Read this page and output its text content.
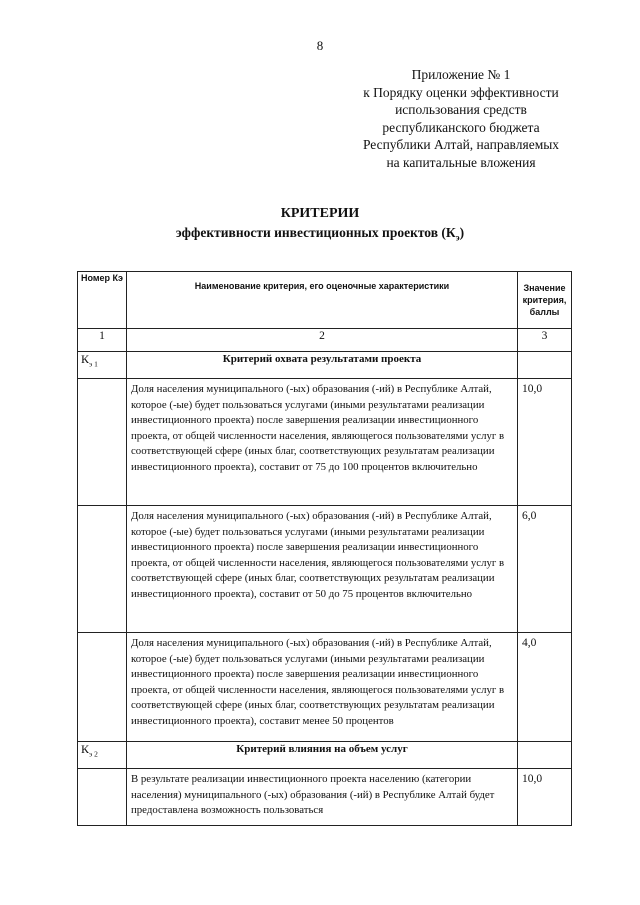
8
Приложение № 1
к Порядку оценки эффективности
использования средств
республиканского бюджета
Республики Алтай, направляемых
на капитальные вложения
КРИТЕРИИ
эффективности инвестиционных проектов $(К_э)$
Номер Кэ	Наименование критерия, его оценочные характеристики	Значение критерия, баллы
1	2	3
$К_{э 1}$	Критерий охвата результатами проекта	
	Доля населения муниципального (-ых) образования (-ий) в Республике Алтай, которое (-ые) будет пользоваться услугами (иными результатами реализации инвестиционного проекта) после завершения реализации инвестиционного проекта, от общей численности населения, являющегося пользователями услуг в соответствующей сфере (иных благ, соответствующих результатам реализации инвестиционного проекта), составит от 75 до 100 процентов включительно	10,0
	Доля населения муниципального (-ых) образования (-ий) в Республике Алтай, которое (-ые) будет пользоваться услугами (иными результатами реализации инвестиционного проекта) после завершения реализации инвестиционного проекта, от общей численности населения, являющегося пользователями услуг в соответствующей сфере (иных благ, соответствующих результатам реализации инвестиционного проекта), составит от 50 до 75 процентов включительно	6,0
	Доля населения муниципального (-ых) образования (-ий) в Республике Алтай, которое (-ые) будет пользоваться услугами (иными результатами реализации инвестиционного проекта) после завершения реализации инвестиционного проекта, от общей численности населения, являющегося пользователями услуг в соответствующей сфере (иных благ, соответствующих результатам реализации инвестиционного проекта), составит менее 50 процентов	4,0
$К_{э 2}$	Критерий влияния на объем услуг	
	В результате реализации инвестиционного проекта населению (категории населения) муниципального (-ых) образования (-ий) в Республике Алтай будет предоставлена возможность пользоваться	10,0
